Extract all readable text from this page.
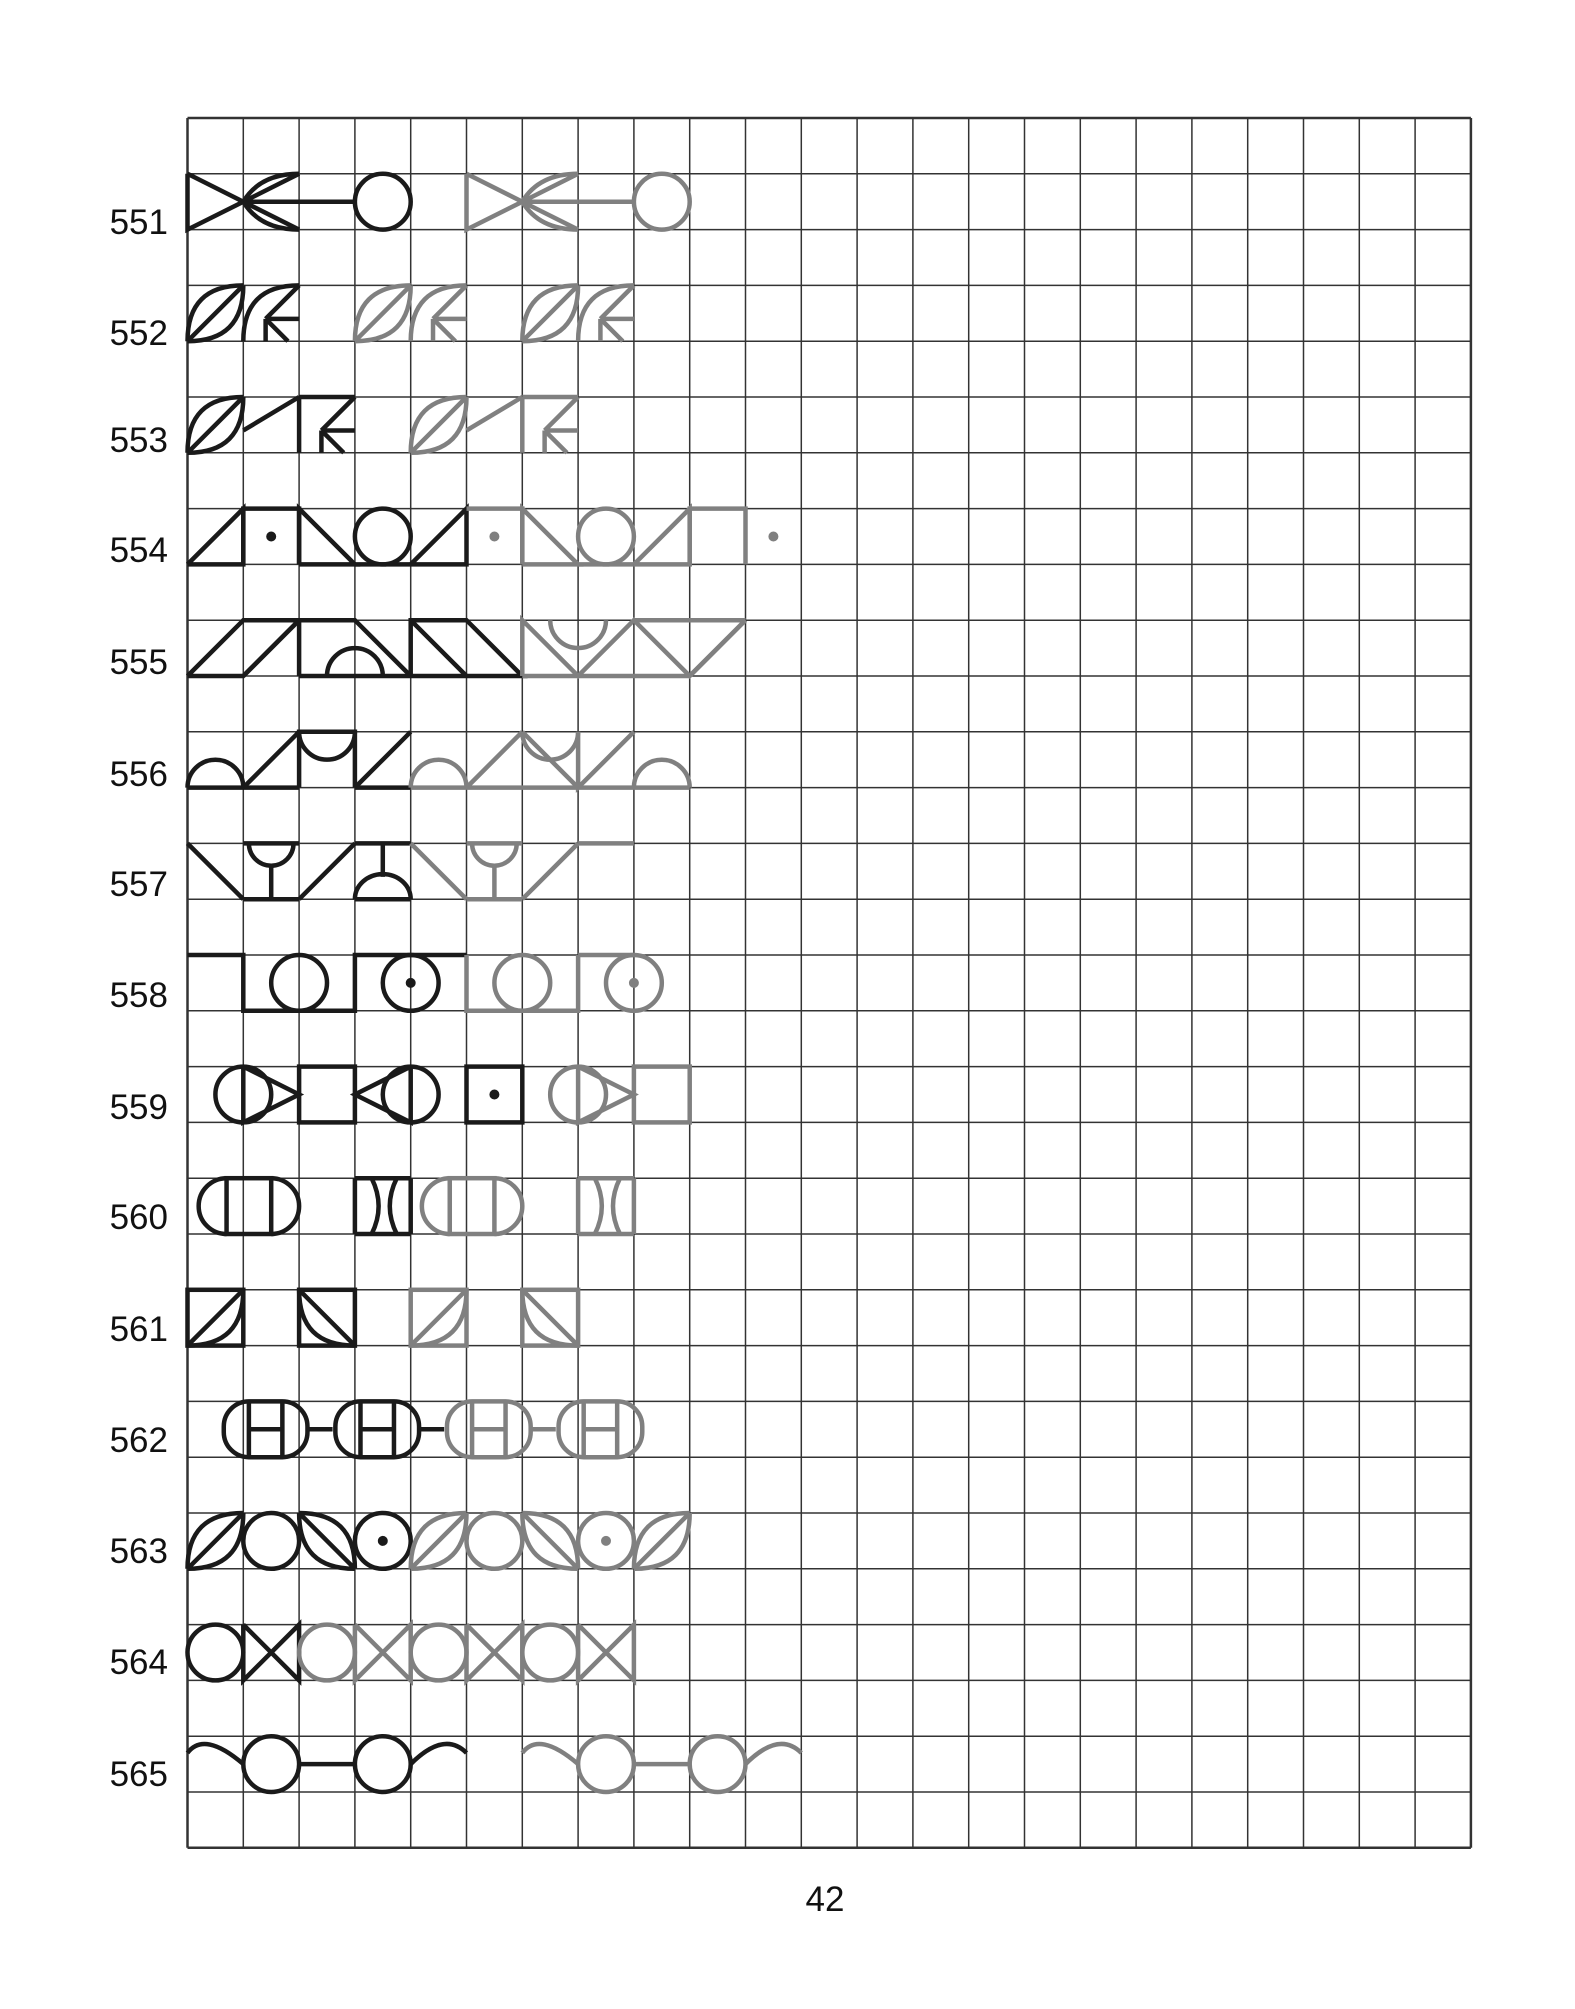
551
552
553
554
555
556
557
558
559
560
561
562
563
564
565
42
